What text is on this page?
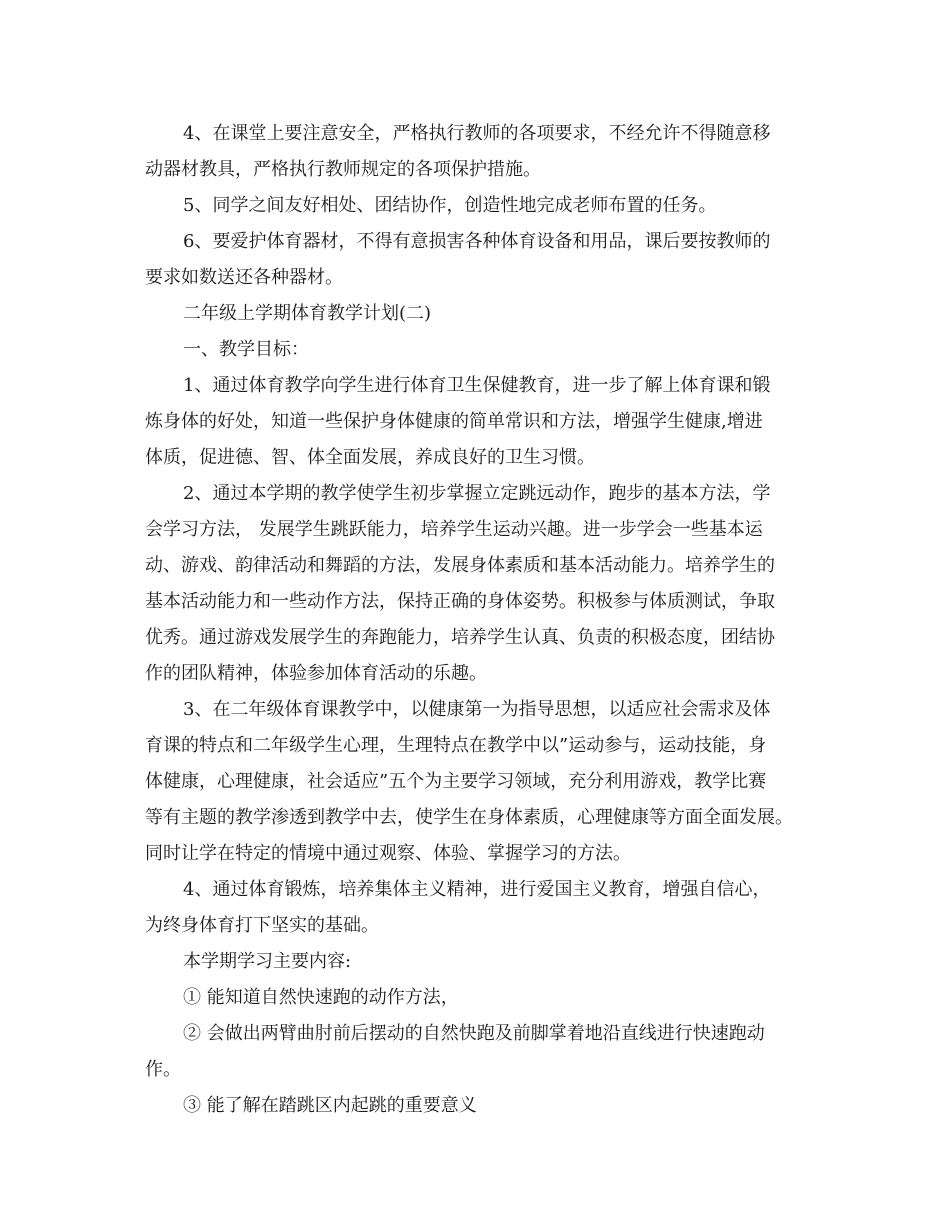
4、在课堂上要注意安全，严格执行教师的各项要求，不经允许不得随意移
动器材教具，严格执行教师规定的各项保护措施。
5、同学之间友好相处、团结协作，创造性地完成老师布置的任务。
6、要爱护体育器材，不得有意损害各种体育设备和用品，课后要按教师的
要求如数送还各种器材。
二年级上学期体育教学计划(二)
一、教学目标：
1、通过体育教学向学生进行体育卫生保健教育，进一步了解上体育课和锻
炼身体的好处，知道一些保护身体健康的简单常识和方法，增强学生健康,增进
体质，促进德、智、体全面发展，养成良好的卫生习惯。
2、通过本学期的教学使学生初步掌握立定跳远动作，跑步的基本方法，学
会学习方法， 发展学生跳跃能力，培养学生运动兴趣。进一步学会一些基本运
动、游戏、韵律活动和舞蹈的方法，发展身体素质和基本活动能力。培养学生的
基本活动能力和一些动作方法，保持正确的身体姿势。积极参与体质测试，争取
优秀。通过游戏发展学生的奔跑能力，培养学生认真、负责的积极态度，团结协
作的团队精神，体验参加体育活动的乐趣。
3、在二年级体育课教学中，以健康第一为指导思想，以适应社会需求及体
育课的特点和二年级学生心理，生理特点在教学中以”运动参与，运动技能，身
体健康，心理健康，社会适应”五个为主要学习领域，充分利用游戏，教学比赛
等有主题的教学渗透到教学中去，使学生在身体素质，心理健康等方面全面发展。
同时让学在特定的情境中通过观察、体验、掌握学习的方法。
4、通过体育锻炼，培养集体主义精神，进行爱国主义教育，增强自信心，
为终身体育打下坚实的基础。
本学期学习主要内容:
① 能知道自然快速跑的动作方法，
② 会做出两臂曲肘前后摆动的自然快跑及前脚掌着地沿直线进行快速跑动
作。
③ 能了解在踏跳区内起跳的重要意义
